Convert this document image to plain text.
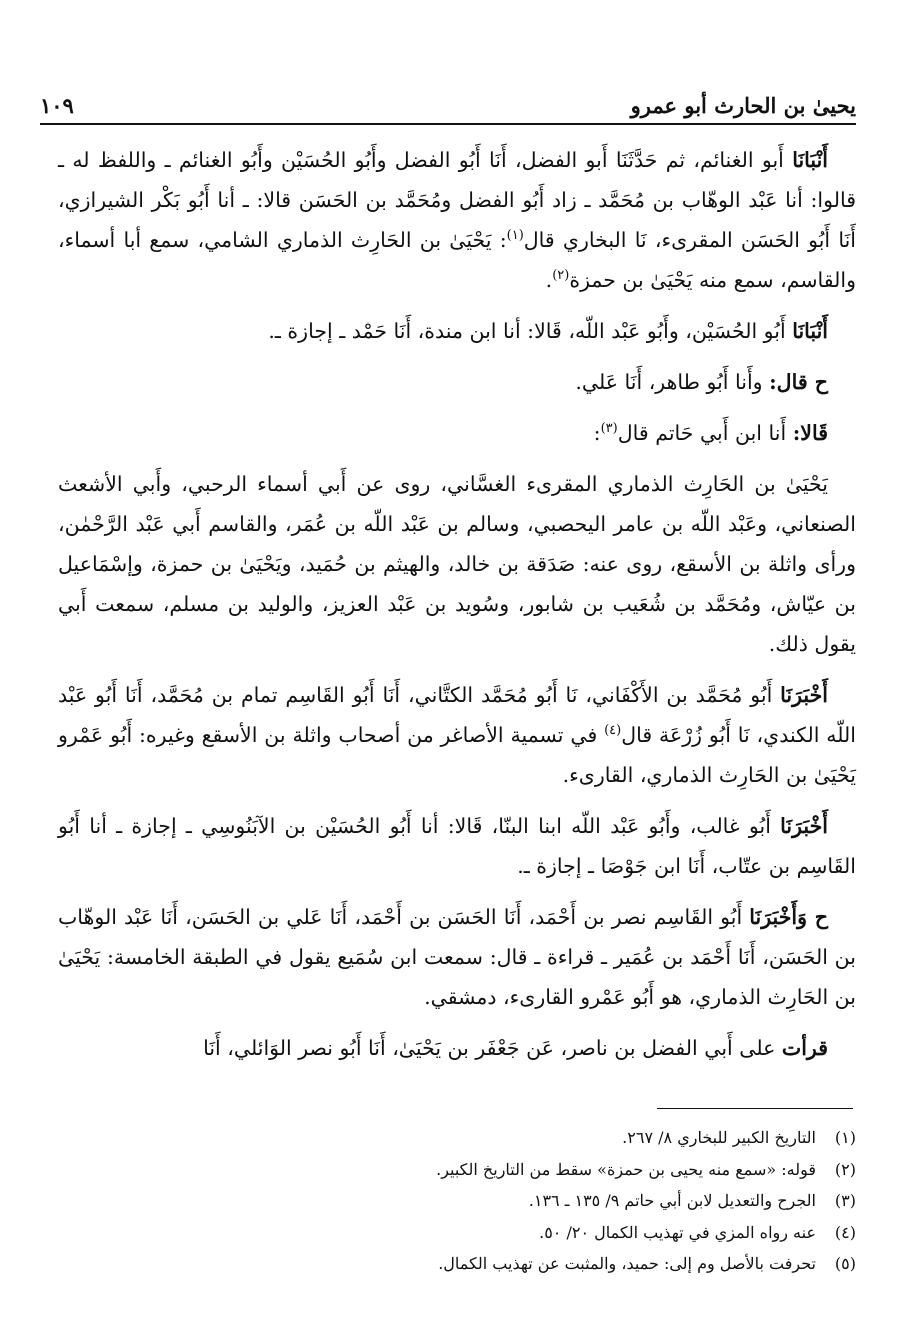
يحيىٰ بن الحارث أبو عمرو
١٠٩

أَنْبَانَا أَبو الغنائم، ثم حَدَّثَنَا أَبو الفضل، أَنَا أَبُو الفضل وأَبُو الحُسَيْن وأَبُو الغنائم ـ واللفظ له ـ قالوا: أنا عَبْد الوهّاب بن مُحَمَّد ـ زاد أَبُو الفضل ومُحَمَّد بن الحَسَن قالا: ـ أنا أَبُو بَكْر الشيرازي، أَنَا أَبُو الحَسَن المقرىء، نَا البخاري قال$^{(١)}$: يَحْيَىٰ بن الحَارِث الذماري الشامي، سمع أبا أسماء، والقاسم، سمع منه يَحْيَىٰ بن حمزة$^{(٢)}$.

أَنْبَانَا أَبُو الحُسَيْن، وأَبُو عَبْد اللّه، قَالا: أنا ابن مندة، أَنَا حَمْد ـ إجازة ـ.

ح قال: وأَنا أَبُو طاهر، أَنَا عَلي.

قَالا: أَنا ابن أَبي حَاتم قال$^{(٣)}$:

يَحْيَىٰ بن الحَارِث الذماري المقرىء الغسَّاني، روى عن أَبي أسماء الرحبي، وأَبي الأشعث الصنعاني، وعَبْد اللّه بن عامر اليحصبي، وسالم بن عَبْد اللّه بن عُمَر، والقاسم أَبي عَبْد الرَّحْمٰن، ورأى واثلة بن الأسقع، روى عنه: صَدَقة بن خالد، والهيثم بن حُمَيد، ويَحْيَىٰ بن حمزة، وإسْمَاعيل بن عيّاش، ومُحَمَّد بن شُعَيب بن شابور، وسُويد بن عَبْد العزيز، والوليد بن مسلم، سمعت أَبي يقول ذلك.

أَخْبَرَنَا أَبُو مُحَمَّد بن الأَكْفَاني، نَا أَبُو مُحَمَّد الكتَّاني، أَنَا أَبُو القَاسِم تمام بن مُحَمَّد، أَنَا أَبُو عَبْد اللّه الكندي، نَا أَبُو زُرْعَة قال$^{(٤)}$ في تسمية الأصاغر من أصحاب واثلة بن الأسقع وغيره: أَبُو عَمْرو يَحْيَىٰ بن الحَارِث الذماري، القارىء.

أَخْبَرَنَا أَبُو غالب، وأَبُو عَبْد اللّه ابنا البنّا، قَالا: أنا أَبُو الحُسَيْن بن الآبَنُوسِي ـ إجازة ـ أنا أَبُو القَاسِم بن عتّاب، أَنَا ابن جَوْصَا ـ إجازة ـ.

ح وَأَخْبَرَنَا أَبُو القَاسِم نصر بن أَحْمَد، أَنَا الحَسَن بن أَحْمَد، أَنَا عَلي بن الحَسَن، أَنَا عَبْد الوهّاب بن الحَسَن، أَنَا أَحْمَد بن عُمَير ـ قراءة ـ قال: سمعت ابن سُمَيع يقول في الطبقة الخامسة: يَحْيَىٰ بن الحَارِث الذماري، هو أَبُو عَمْرو القارىء، دمشقي.

قرأت على أَبي الفضل بن ناصر، عَن جَعْفَر بن يَحْيَىٰ، أَنَا أَبُو نصر الوَائلي، أَنَا

(١)
التاريخ الكبير للبخاري ٨/ ٢٦٧.
(٢)
قوله: «سمع منه يحيى بن حمزة» سقط من التاريخ الكبير.
(٣)
الجرح والتعديل لابن أبي حاتم ٩/ ١٣٥ ـ ١٣٦.
(٤)
عنه رواه المزي في تهذيب الكمال ٢٠/ ٥٠.
(٥)
تحرفت بالأصل وم إلى: حميد، والمثبت عن تهذيب الكمال.
